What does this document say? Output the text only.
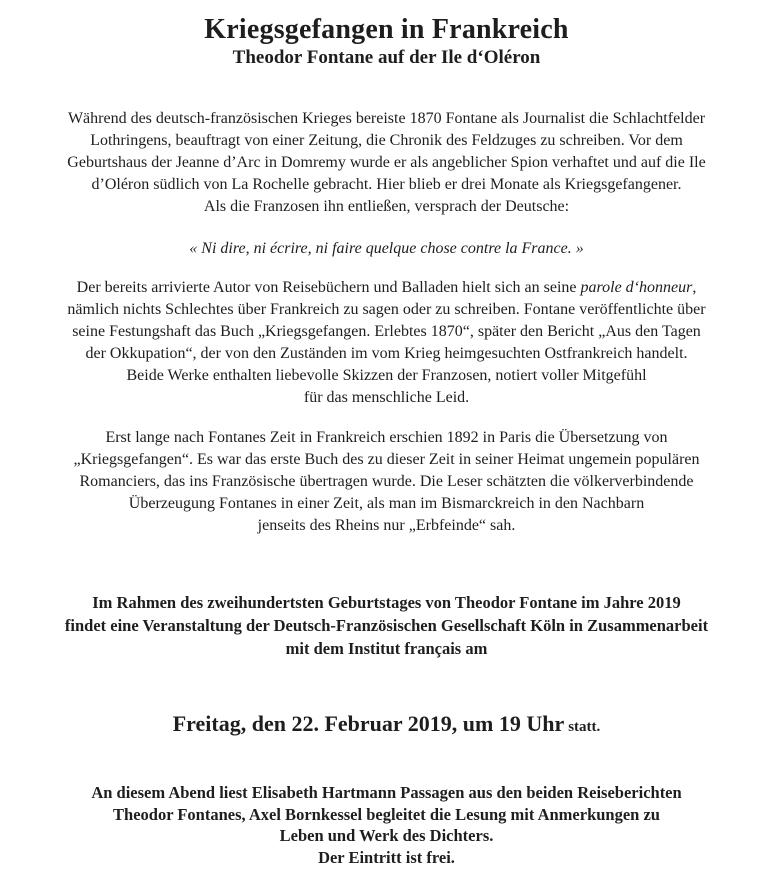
Kriegsgefangen in Frankreich
Theodor Fontane auf der Ile d‘Oléron
Während des deutsch-französischen Krieges bereiste 1870 Fontane als Journalist die Schlachtfelder
Lothringens, beauftragt von einer Zeitung, die Chronik des Feldzuges zu schreiben. Vor dem
Geburtshaus der Jeanne d’Arc in Domremy wurde er als angeblicher Spion verhaftet und auf die Ile
d’Oléron südlich von La Rochelle gebracht. Hier blieb er drei Monate als Kriegsgefangener.
Als die Franzosen ihn entließen, versprach der Deutsche:
« Ni dire, ni écrire, ni faire quelque chose contre la France. »
Der bereits arrivierte Autor von Reisebüchern und Balladen hielt sich an seine parole d‘honneur,
nämlich nichts Schlechtes über Frankreich zu sagen oder zu schreiben. Fontane veröffentlichte über
seine Festungshaft das Buch „Kriegsgefangen. Erlebtes 1870“, später den Bericht „Aus den Tagen
der Okkupation“, der von den Zuständen im vom Krieg heimgesuchten Ostfrankreich handelt.
Beide Werke enthalten liebevolle Skizzen der Franzosen, notiert voller Mitgefühl
für das menschliche Leid.
Erst lange nach Fontanes Zeit in Frankreich erschien 1892 in Paris die Übersetzung von
„Kriegsgefangen“. Es war das erste Buch des zu dieser Zeit in seiner Heimat ungemein populären
Romanciers, das ins Französische übertragen wurde. Die Leser schätzten die völkerverbindende
Überzeugung Fontanes in einer Zeit, als man im Bismarckreich in den Nachbarn
jenseits des Rheins nur „Erbfeinde“ sah.
Im Rahmen des zweihundertsten Geburtstages von Theodor Fontane im Jahre 2019
findet eine Veranstaltung der Deutsch-Französischen Gesellschaft Köln in Zusammenarbeit
mit dem Institut français am
Freitag, den 22. Februar 2019, um 19 Uhr statt.
An diesem Abend liest Elisabeth Hartmann Passagen aus den beiden Reiseberichten
Theodor Fontanes, Axel Bornkessel begleitet die Lesung mit Anmerkungen zu
Leben und Werk des Dichters.
Der Eintritt ist frei.
